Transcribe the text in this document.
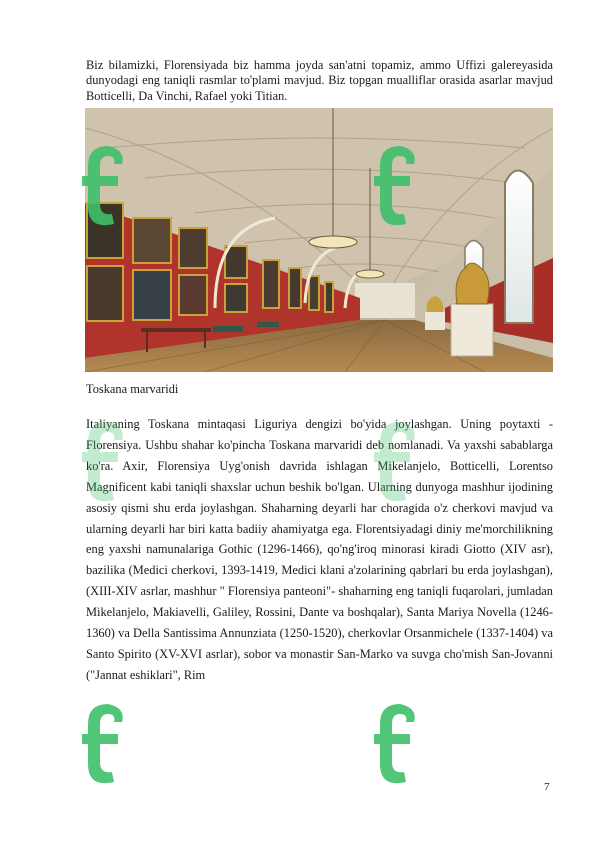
Biz bilamizki, Florensiyada biz hamma joyda san'atni topamiz, ammo Uffizi galereyasida dunyodagi eng taniqli rasmlar to'plami mavjud. Biz topgan mualliflar orasida asarlar mavjud Botticelli, Da Vinchi, Rafael yoki Titian.

Toskana marvaridi

Italiyaning Toskana mintaqasi Liguriya dengizi bo'yida joylashgan. Uning poytaxti - Florensiya. Ushbu shahar ko'pincha Toskana marvaridi deb nomlanadi. Va yaxshi sabablarga ko'ra. Axir, Florensiya Uyg'onish davrida ishlagan Mikelanjelo, Botticelli, Lorentso Magnificent kabi taniqli shaxslar uchun beshik bo'lgan. Ularning dunyoga mashhur ijodining asosiy qismi shu erda joylashgan. Shaharning deyarli har choragida o'z cherkovi mavjud va ularning deyarli har biri katta badiiy ahamiyatga ega. Florentsiyadagi diniy me'morchilikning eng yaxshi namunalariga Gothic (1296-1466), qo'ng'iroq minorasi kiradi Giotto (XIV asr), bazilika (Medici cherkovi, 1393-1419, Medici klani a'zolarining qabrlari bu erda joylashgan), (XIII-XIV asrlar, mashhur " Florensiya panteoni"- shaharning eng taniqli fuqarolari, jumladan Mikelanjelo, Makiavelli, Galiley, Rossini, Dante va boshqalar), Santa Mariya Novella (1246-1360) va Della Santissima Annunziata (1250-1520), cherkovlar Orsanmichele (1337-1404) va Santo Spirito (XV-XVI asrlar), sobor va monastir San-Marko va suvga cho'mish San-Jovanni ("Jannat eshiklari", Rim

7
